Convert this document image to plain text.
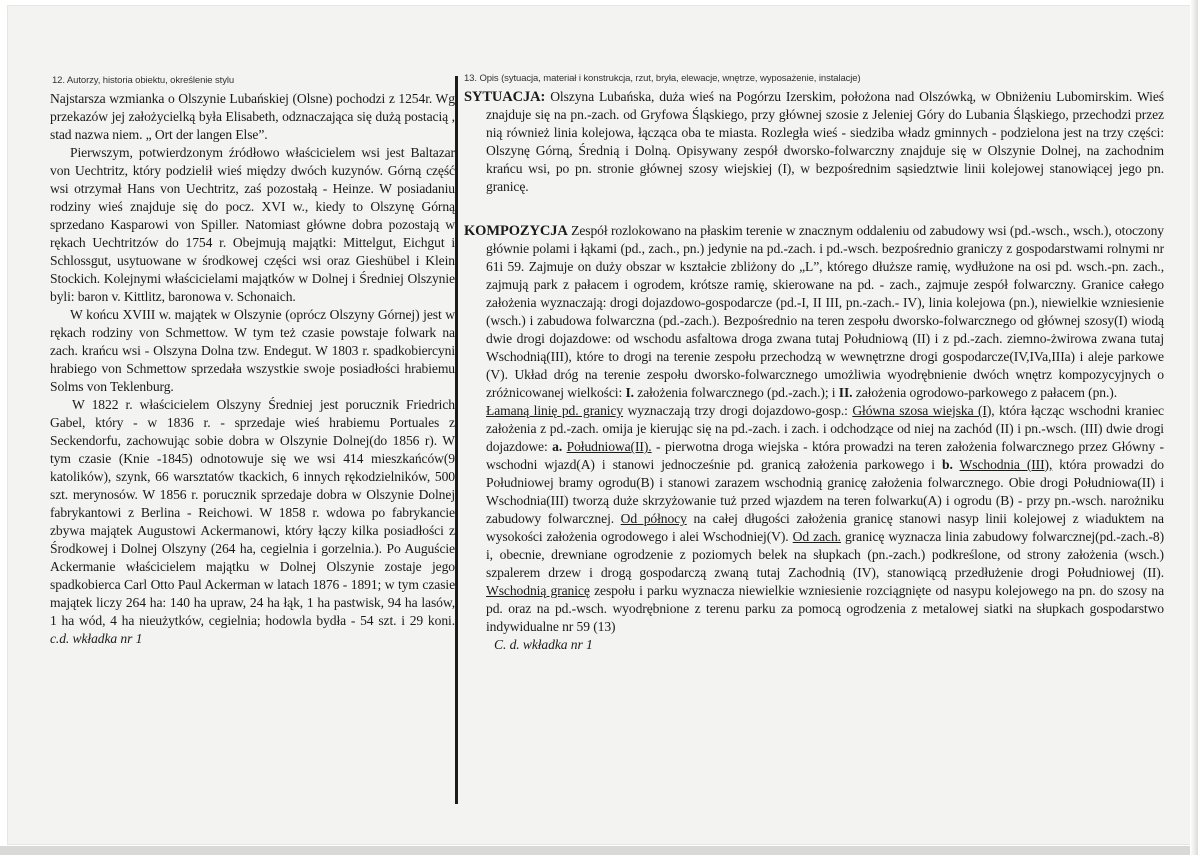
12. Autorzy, historia obiektu, określenie stylu

Najstarsza wzmianka o Olszynie Lubańskiej (Olsne) pochodzi z 1254r. Wg przekazów jej założycielką była Elisabeth, odznaczająca się dużą postacią , stad nazwa niem. „ Ort der langen Else”.

Pierwszym, potwierdzonym źródłowo właścicielem wsi jest Baltazar von Uechtritz, który podzielił wieś między dwóch kuzynów. Górną część wsi otrzymał Hans von Uechtritz, zaś pozostałą - Heinze. W posiadaniu rodziny wieś znajduje się do pocz. XVI w., kiedy to Olszynę Górną sprzedano Kasparowi von Spiller. Natomiast główne dobra pozostają w rękach Uechtritzów do 1754 r. Obejmują majątki: Mittelgut, Eichgut i Schlossgut, usytuowane w środkowej części wsi oraz Gieshübel i Klein Stockich. Kolejnymi właścicielami majątków w Dolnej i Średniej Olszynie byli: baron v. Kittlitz, baronowa v. Schonaich.

W końcu XVIII w. majątek w Olszynie (oprócz Olszyny Górnej) jest w rękach rodziny von Schmettow. W tym też czasie powstaje folwark na zach. krańcu wsi - Olszyna Dolna tzw. Endegut. W 1803 r. spadkobiercyni hrabiego von Schmettow sprzedała wszystkie swoje posiadłości hrabiemu Solms von Teklenburg.

W 1822 r. właścicielem Olszyny Średniej jest porucznik Friedrich Gabel, który - w 1836 r. - sprzedaje wieś hrabiemu Portuales z Seckendorfu, zachowując sobie dobra w Olszynie Dolnej(do 1856 r). W tym czasie (Knie -1845) odnotowuje się we wsi 414 mieszkańców(9 katolików), szynk, 66 warsztatów tkackich, 6 innych rękodzielników, 500 szt. merynosów. W 1856 r. porucznik sprzedaje dobra w Olszynie Dolnej fabrykantowi z Berlina - Reichowi. W 1858 r. wdowa po fabrykancie zbywa majątek Augustowi Ackermanowi, który łączy kilka posiadłości z Środkowej i Dolnej Olszyny (264 ha, cegielnia i gorzelnia.). Po Auguście Ackermanie właścicielem majątku w Dolnej Olszynie zostaje jego spadkobierca Carl Otto Paul Ackerman w latach 1876 - 1891; w tym czasie majątek liczy 264 ha: 140 ha upraw, 24 ha łąk, 1 ha pastwisk, 94 ha lasów, 1 ha wód, 4 ha nieużytków, cegielnia; hodowla bydła - 54 szt. i 29 koni. c.d. wkładka nr 1

13. Opis (sytuacja, materiał i konstrukcja, rzut, bryła, elewacje, wnętrze, wyposażenie, instalacje)

SYTUACJA: Olszyna Lubańska, duża wieś na Pogórzu Izerskim, położona nad Olszówką, w Obniżeniu Lubomirskim. Wieś znajduje się na pn.-zach. od Gryfowa Śląskiego, przy głównej szosie z Jeleniej Góry do Lubania Śląskiego, przechodzi przez nią również linia kolejowa, łącząca oba te miasta. Rozległa wieś - siedziba władz gminnych - podzielona jest na trzy części: Olszynę Górną, Średnią i Dolną. Opisywany zespół dworsko-folwarczny znajduje się w Olszynie Dolnej, na zachodnim krańcu wsi, po pn. stronie głównej szosy wiejskiej (I), w bezpośrednim sąsiedztwie linii kolejowej stanowiącej jego pn. granicę.

KOMPOZYCJA Zespół rozlokowano na płaskim terenie w znacznym oddaleniu od zabudowy wsi (pd.-wsch., wsch.), otoczony głównie polami i łąkami (pd., zach., pn.) jedynie na pd.-zach. i pd.-wsch. bezpośrednio graniczy z gospodarstwami rolnymi nr 61i 59. Zajmuje on duży obszar w kształcie zbliżony do „L”, którego dłuższe ramię, wydłużone na osi pd. wsch.-pn. zach., zajmują park z pałacem i ogrodem, krótsze ramię, skierowane na pd. - zach., zajmuje zespół folwarczny. Granice całego założenia wyznaczają: drogi dojazdowo-gospodarcze (pd.-I, II III, pn.-zach.- IV), linia kolejowa (pn.), niewielkie wzniesienie (wsch.) i zabudowa folwarczna (pd.-zach.). Bezpośrednio na teren zespołu dworsko-folwarcznego od głównej szosy(I) wiodą dwie drogi dojazdowe: od wschodu asfaltowa droga zwana tutaj Południową (II) i z pd.-zach. ziemno-żwirowa zwana tutaj Wschodnią(III), które to drogi na terenie zespołu przechodzą w wewnętrzne drogi gospodarcze(IV,IVa,IIIa) i aleje parkowe (V). Układ dróg na terenie zespołu dworsko-folwarcznego umożliwia wyodrębnienie dwóch wnętrz kompozycyjnych o zróżnicowanej wielkości: I. założenia folwarcznego (pd.-zach.); i II. założenia ogrodowo-parkowego z pałacem (pn.).

Łamaną linię pd. granicy wyznaczają trzy drogi dojazdowo-gosp.: Główna szosa wiejska (I), która łącząc wschodni kraniec założenia z pd.-zach. omija je kierując się na pd.-zach. i zach. i odchodzące od niej na zachód (II) i pn.-wsch. (III) dwie drogi dojazdowe: a. Południowa(II). - pierwotna droga wiejska - która prowadzi na teren założenia folwarcznego przez Główny -wschodni wjazd(A) i stanowi jednocześnie pd. granicą założenia parkowego i b. Wschodnia (III), która prowadzi do Południowej bramy ogrodu(B) i stanowi zarazem wschodnią granicę założenia folwarcznego. Obie drogi Południowa(II) i Wschodnia(III) tworzą duże skrzyżowanie tuż przed wjazdem na teren folwarku(A) i ogrodu (B) - przy pn.-wsch. narożniku zabudowy folwarcznej. Od północy na całej długości założenia granicę stanowi nasyp linii kolejowej z wiaduktem na wysokości założenia ogrodowego i alei Wschodniej(V). Od zach. granicę wyznacza linia zabudowy folwarcznej(pd.-zach.-8) i, obecnie, drewniane ogrodzenie z poziomych belek na słupkach (pn.-zach.) podkreślone, od strony założenia (wsch.) szpalerem drzew i drogą gospodarczą zwaną tutaj Zachodnią (IV), stanowiącą przedłużenie drogi Południowej (II). Wschodnią granicę zespołu i parku wyznacza niewielkie wzniesienie rozciągnięte od nasypu kolejowego na pn. do szosy na pd. oraz na pd.-wsch. wyodrębnione z terenu parku za pomocą ogrodzenia z metalowej siatki na słupkach gospodarstwo indywidualne nr 59 (13)

C. d. wkładka nr 1
